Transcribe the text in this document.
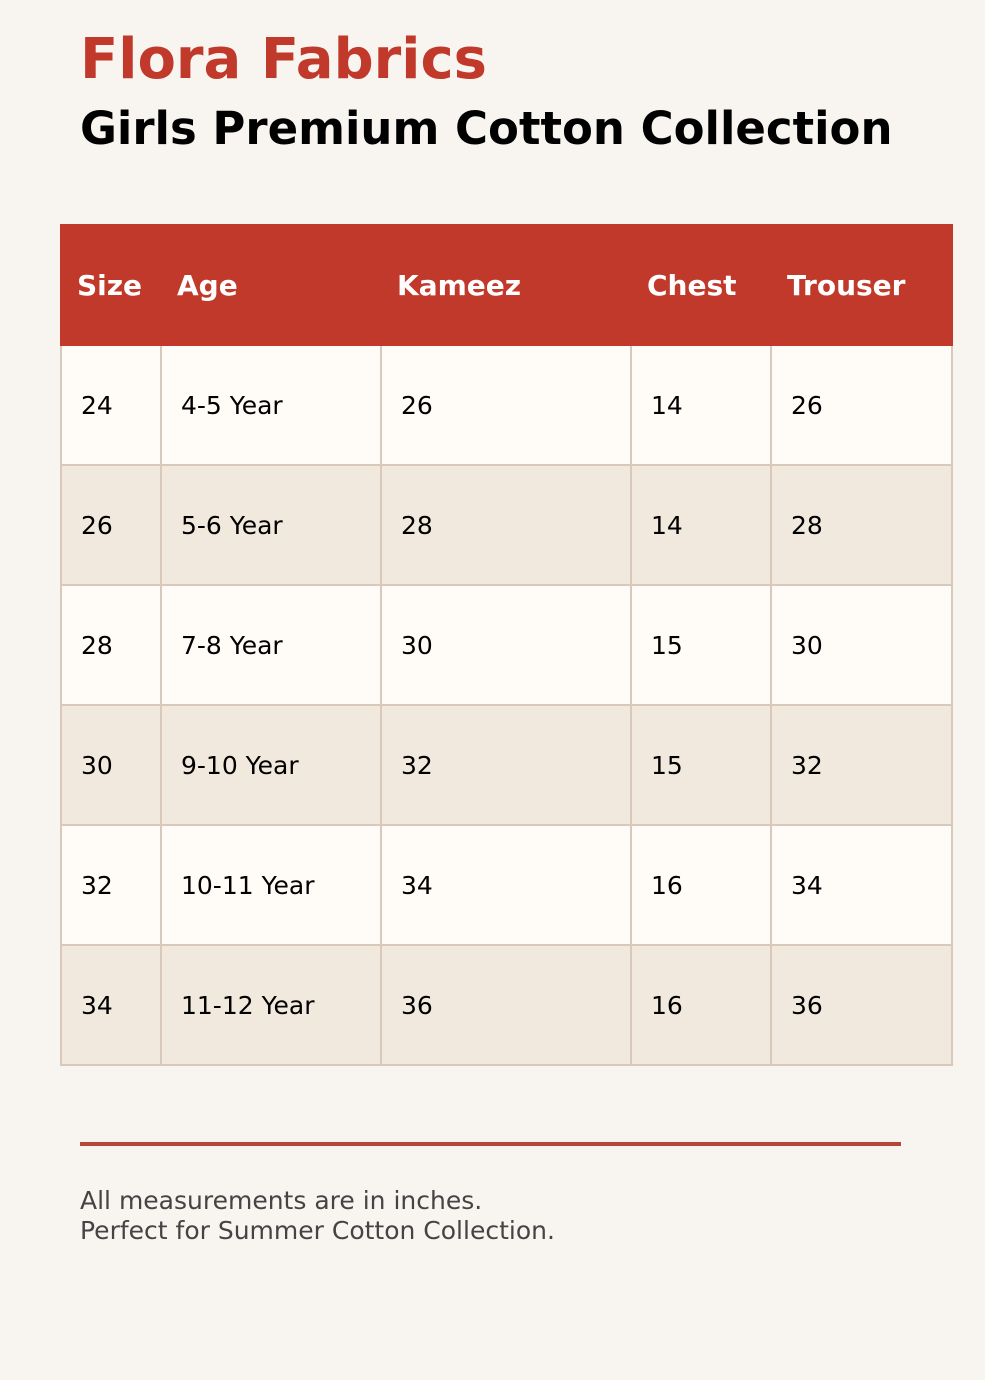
Flora Fabrics
Girls Premium Cotton Collection
Size	Age	Kameez	Chest	Trouser
24	4-5 Year	26	14	26
26	5-6 Year	28	14	28
28	7-8 Year	30	15	30
30	9-10 Year	32	15	32
32	10-11 Year	34	16	34
34	11-12 Year	36	16	36

All measurements are in inches.

Perfect for Summer Cotton Collection.
